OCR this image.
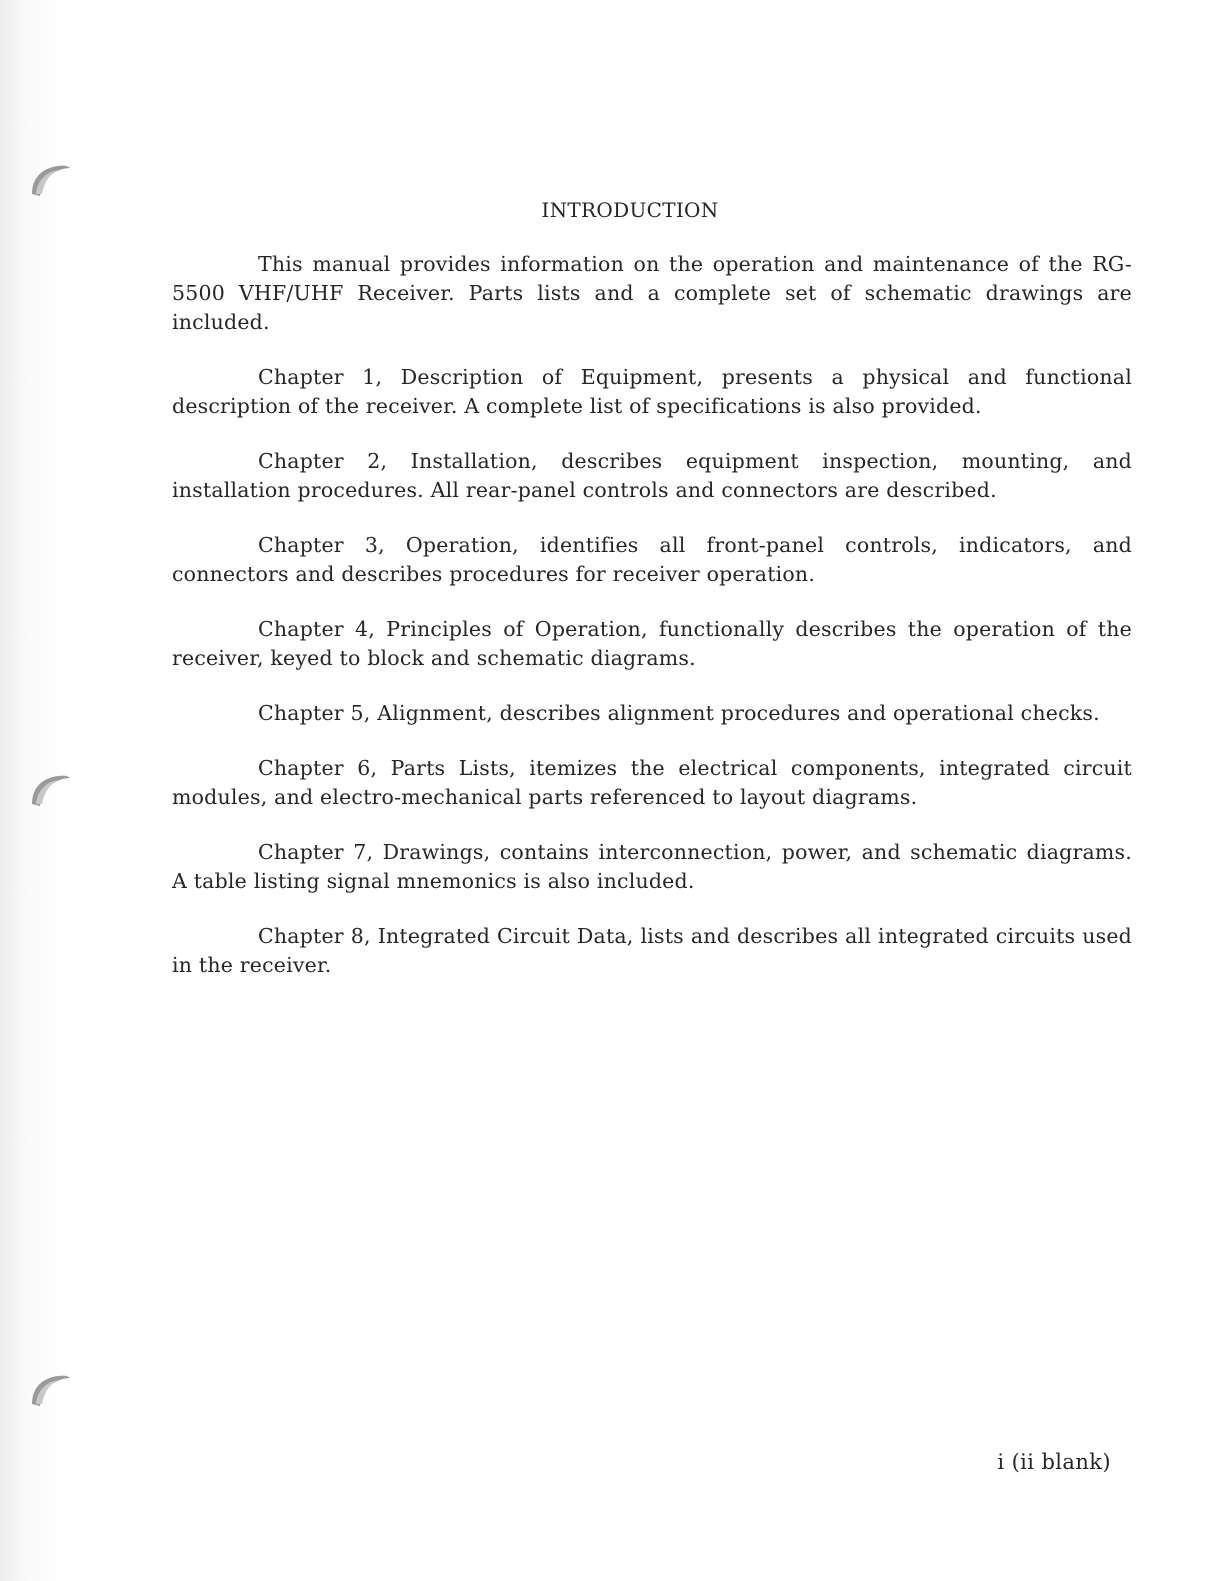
INTRODUCTION

This manual provides information on the operation and maintenance of the RG-5500 VHF/UHF Receiver. Parts lists and a complete set of schematic drawings are included.

Chapter 1, Description of Equipment, presents a physical and functional description of the receiver. A complete list of specifications is also provided.

Chapter 2, Installation, describes equipment inspection, mounting, and installation procedures. All rear-panel controls and connectors are described.

Chapter 3, Operation, identifies all front-panel controls, indicators, and connectors and describes procedures for receiver operation.

Chapter 4, Principles of Operation, functionally describes the operation of the receiver, keyed to block and schematic diagrams.

Chapter 5, Alignment, describes alignment procedures and operational checks.

Chapter 6, Parts Lists, itemizes the electrical components, integrated circuit modules, and electro-mechanical parts referenced to layout diagrams.

Chapter 7, Drawings, contains interconnection, power, and schematic diagrams. A table listing signal mnemonics is also included.

Chapter 8, Integrated Circuit Data, lists and describes all integrated circuits used in the receiver.

i (ii blank)
